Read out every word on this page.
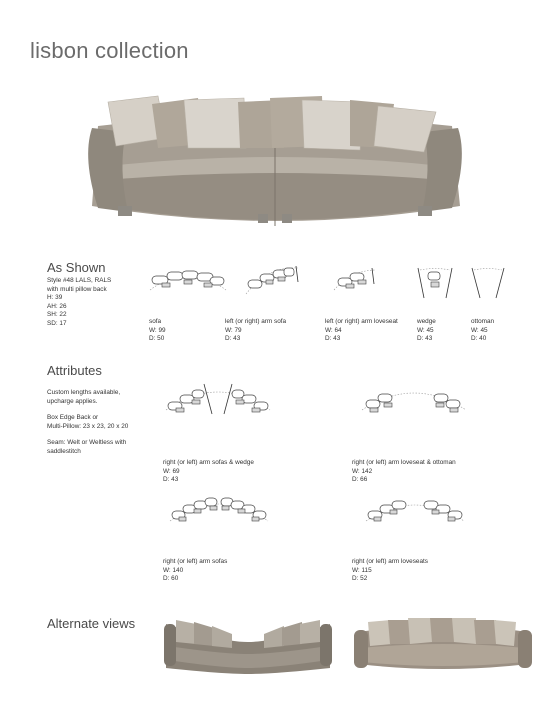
lisbon collection
As Shown
Style #48 LALS, RALS
with multi pillow back
H: 39
AH: 26
SH: 22
SD: 17	sofa
W: 99
D: 50
left (or right) arm sofa
W: 79
D: 43
left (or right) arm loveseat
W: 64
D: 43
wedge
W: 45
D: 43
ottoman
W: 45
D: 40
Attributes
Custom lengths available,
upcharge applies.
Box Edge Back or
Multi-Pillow: 23 x 23, 20 x 20
Seam: Welt or Weltless with
saddlestitch
right (or left) arm sofas & wedge
W: 69
D: 43
right (or left) arm loveseat & ottoman
W: 142
D: 66
right (or left) arm sofas
W: 140
D: 60
right (or left) arm loveseats
W: 115
D: 52
Alternate views
